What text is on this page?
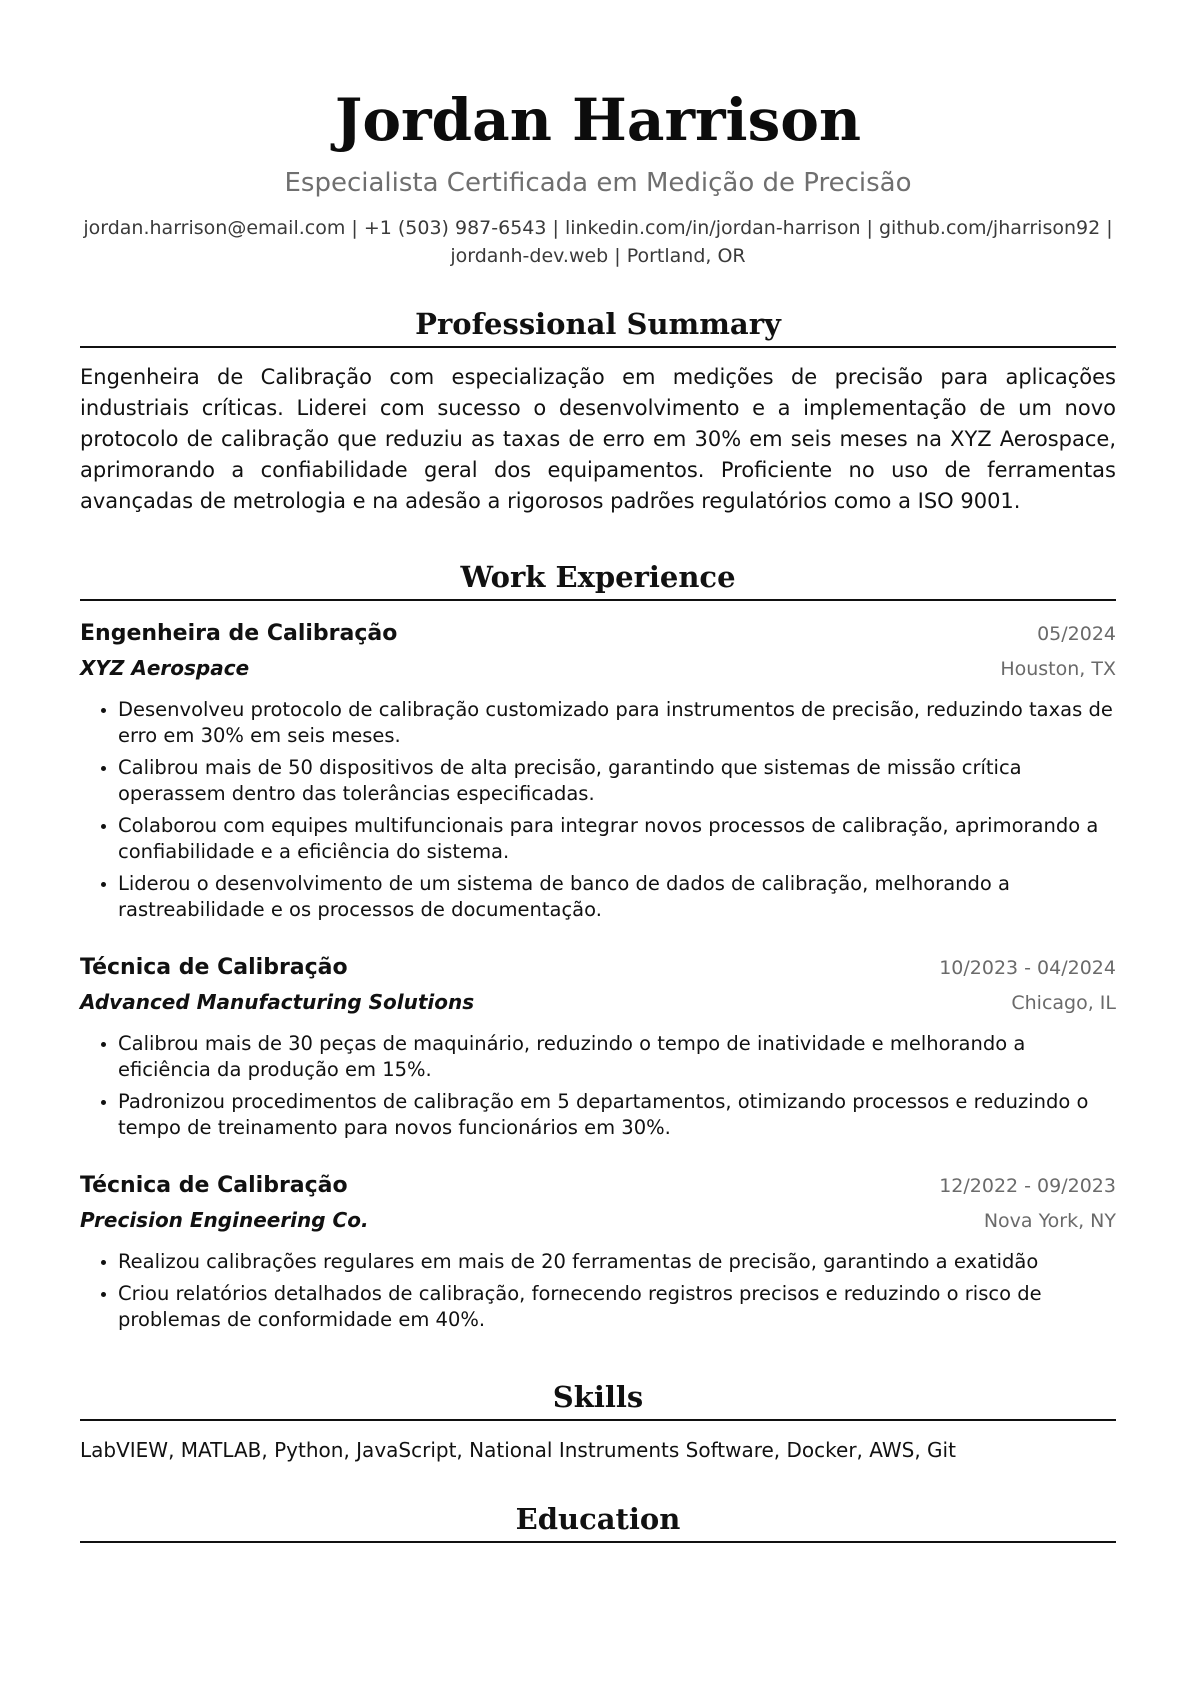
Jordan Harrison
Especialista Certificada em Medição de Precisão
jordan.harrison@email.com | +1 (503) 987-6543 | linkedin.com/in/jordan-harrison | github.com/jharrison92 |
jordanh-dev.web | Portland, OR
Professional Summary

Engenheira de Calibração com especialização em medições de precisão para aplicações industriais críticas. Liderei com sucesso o desenvolvimento e a implementação de um novo protocolo de calibração que reduziu as taxas de erro em 30% em seis meses na XYZ Aerospace, aprimorando a confiabilidade geral dos equipamentos. Proficiente no uso de ferramentas avançadas de metrologia e na adesão a rigorosos padrões regulatórios como a ISO 9001.

Work Experience
Engenheira de Calibração	05/2024
XYZ Aerospace	Houston, TX
• Desenvolveu protocolo de calibração customizado para instrumentos de precisão, reduzindo taxas de erro em 30% em seis meses.
• Calibrou mais de 50 dispositivos de alta precisão, garantindo que sistemas de missão crítica operassem dentro das tolerâncias especificadas.
• Colaborou com equipes multifuncionais para integrar novos processos de calibração, aprimorando a confiabilidade e a eficiência do sistema.
• Liderou o desenvolvimento de um sistema de banco de dados de calibração, melhorando a rastreabilidade e os processos de documentação.
Técnica de Calibração	10/2023 - 04/2024
Advanced Manufacturing Solutions	Chicago, IL
• Calibrou mais de 30 peças de maquinário, reduzindo o tempo de inatividade e melhorando a eficiência da produção em 15%.
• Padronizou procedimentos de calibração em 5 departamentos, otimizando processos e reduzindo o tempo de treinamento para novos funcionários em 30%.
Técnica de Calibração	12/2022 - 09/2023
Precision Engineering Co.	Nova York, NY
• Realizou calibrações regulares em mais de 20 ferramentas de precisão, garantindo a exatidão
• Criou relatórios detalhados de calibração, fornecendo registros precisos e reduzindo o risco de problemas de conformidade em 40%.
Skills

LabVIEW, MATLAB, Python, JavaScript, National Instruments Software, Docker, AWS, Git

Education
